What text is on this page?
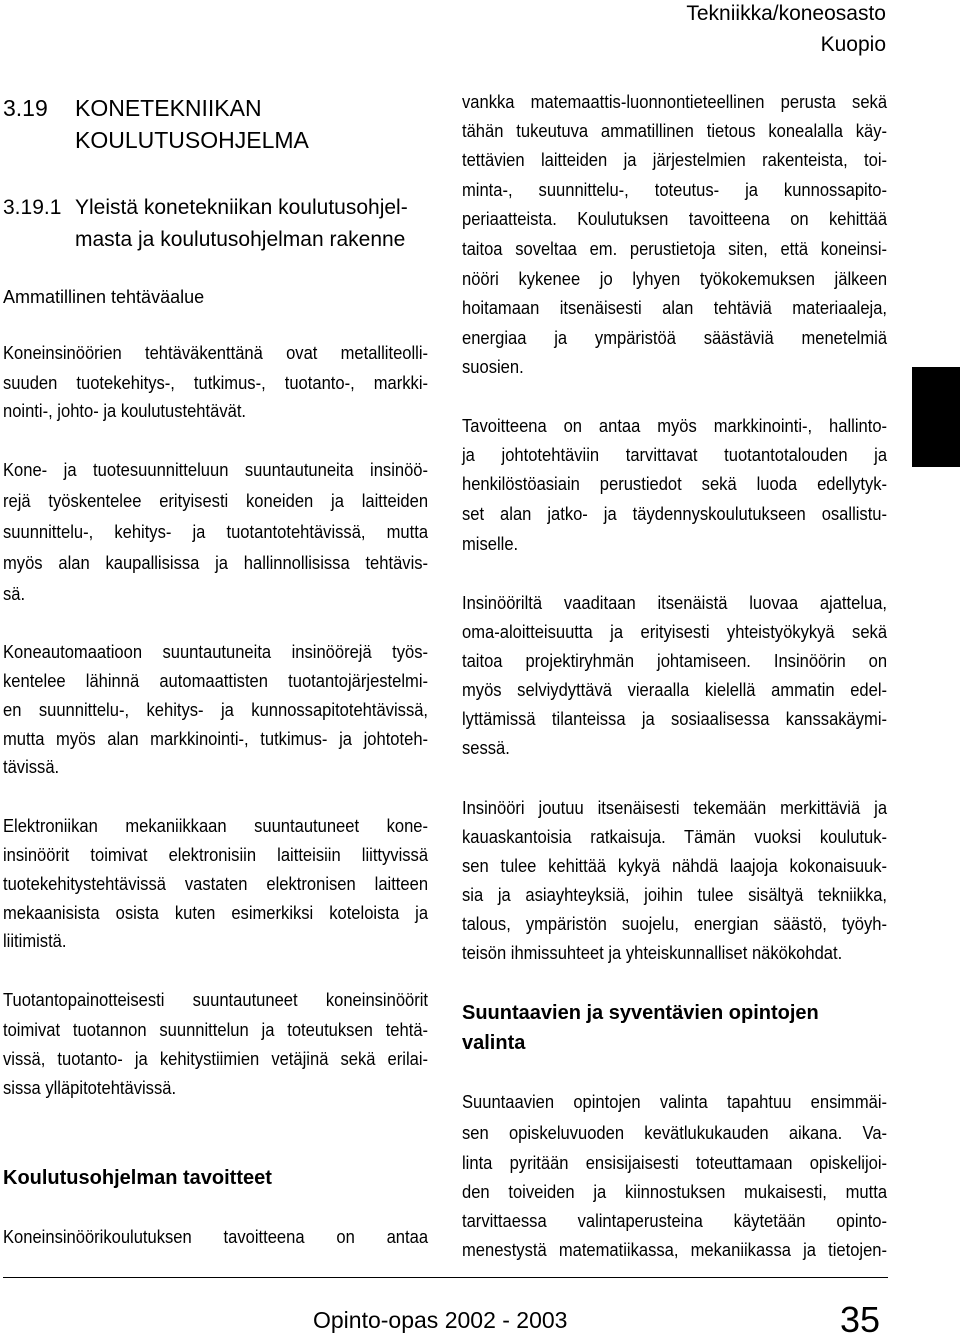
Tekniikka/koneosasto
Kuopio
3.19 KONETEKNIIKAN
KOULUTUSOHJELMA
3.19.1 Yleistä konetekniikan koulutusohjel-
masta ja koulutusohjelman rakenne
Ammatillinen tehtäväalue
Koneinsinöörien tehtäväkenttänä ovat metalliteolli-
suuden tuotekehitys-, tutkimus-, tuotanto-, markki-
nointi-, johto- ja koulutustehtävät.
Kone- ja tuotesuunnitteluun suuntautuneita insinöö-
rejä työskentelee erityisesti koneiden ja laitteiden
suunnittelu-, kehitys- ja tuotantotehtävissä, mutta
myös alan kaupallisissa ja hallinnollisissa tehtävis-
sä.
Koneautomaatioon suuntautuneita insinöörejä työs-
kentelee lähinnä automaattisten tuotantojärjestelmi-
en suunnittelu-, kehitys- ja kunnossapitotehtävissä,
mutta myös alan markkinointi-, tutkimus- ja johtoteh-
tävissä.
Elektroniikan mekaniikkaan suuntautuneet kone-
insinöörit toimivat elektronisiin laitteisiin liittyvissä
tuotekehitystehtävissä vastaten elektronisen laitteen
mekaanisista osista kuten esimerkiksi koteloista ja
liitimistä.
Tuotantopainotteisesti suuntautuneet koneinsinöörit
toimivat tuotannon suunnittelun ja toteutuksen tehtä-
vissä, tuotanto- ja kehitystiimien vetäjinä sekä erilai-
sissa ylläpitotehtävissä.
Koulutusohjelman tavoitteet
Koneinsinöörikoulutuksen tavoitteena on antaa
vankka matemaattis-luonnontieteellinen perusta sekä
tähän tukeutuva ammatillinen tietous konealalla käy-
tettävien laitteiden ja järjestelmien rakenteista, toi-
minta-, suunnittelu-, toteutus- ja kunnossapito-
periaatteista. Koulutuksen tavoitteena on kehittää
taitoa soveltaa em. perustietoja siten, että koneinsi-
nööri kykenee jo lyhyen työkokemuksen jälkeen
hoitamaan itsenäisesti alan tehtäviä materiaaleja,
energiaa ja ympäristöä säästäviä menetelmiä
suosien.
Tavoitteena on antaa myös markkinointi-, hallinto-
ja johtotehtäviin tarvittavat tuotantotalouden ja
henkilöstöasiain perustiedot sekä luoda edellytyk-
set alan jatko- ja täydennyskoulutukseen osallistu-
miselle.
Insinööriltä vaaditaan itsenäistä luovaa ajattelua,
oma-aloitteisuutta ja erityisesti yhteistyökykyä sekä
taitoa projektiryhmän johtamiseen. Insinöörin on
myös selviydyttävä vieraalla kielellä ammatin edel-
lyttämissä tilanteissa ja sosiaalisessa kanssakäymi-
sessä.
Insinööri joutuu itsenäisesti tekemään merkittäviä ja
kauaskantoisia ratkaisuja. Tämän vuoksi koulutuk-
sen tulee kehittää kykyä nähdä laajoja kokonaisuuk-
sia ja asiayhteyksiä, joihin tulee sisältyä tekniikka,
talous, ympäristön suojelu, energian säästö, työyh-
teisön ihmissuhteet ja yhteiskunnalliset näkökohdat.
Suuntaavien ja syventävien opintojen
valinta
Suuntaavien opintojen valinta tapahtuu ensimmäi-
sen opiskeluvuoden kevätlukukauden aikana. Va-
linta pyritään ensisijaisesti toteuttamaan opiskelijoi-
den toiveiden ja kiinnostuksen mukaisesti, mutta
tarvittaessa valintaperusteina käytetään opinto-
menestystä matematiikassa, mekaniikassa ja tietojen-
Opinto-opas 2002 - 2003	35
